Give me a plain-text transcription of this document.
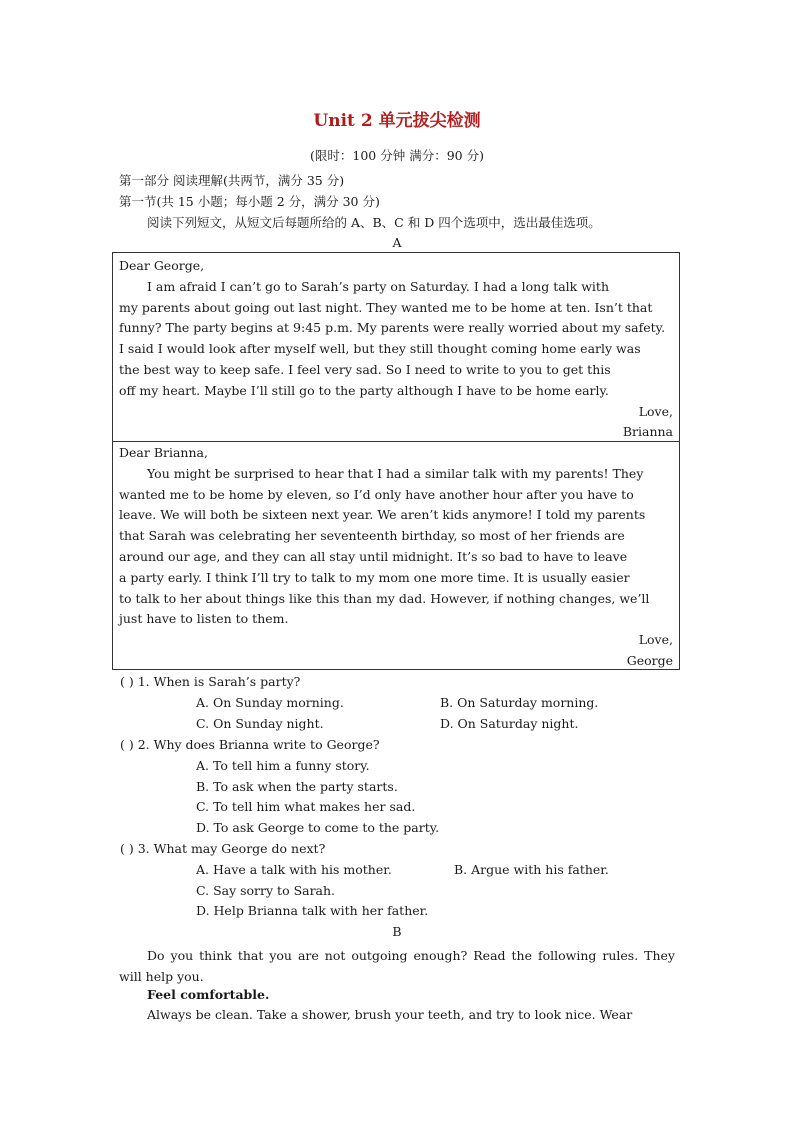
Unit 2 单元拔尖检测
(限时：100 分钟 满分：90 分)
第一部分 阅读理解(共两节，满分 35 分)
第一节(共 15 小题；每小题 2 分，满分 30 分)
阅读下列短文，从短文后每题所给的 A、B、C 和 D 四个选项中，选出最佳选项。
A

Dear George,

I am afraid I can’t go to Sarah’s party on Saturday. I had a long talk with

my parents about going out last night. They wanted me to be home at ten. Isn’t that

funny? The party begins at 9:45 p.m. My parents were really worried about my safety.

I said I would look after myself well, but they still thought coming home early was

the best way to keep safe. I feel very sad. So I need to write to you to get this

off my heart. Maybe I’ll still go to the party although I have to be home early.

Love,

Brianna

Dear Brianna,

You might be surprised to hear that I had a similar talk with my parents! They

wanted me to be home by eleven, so I’d only have another hour after you have to

leave. We will both be sixteen next year. We aren’t kids anymore! I told my parents

that Sarah was celebrating her seventeenth birthday, so most of her friends are

around our age, and they can all stay until midnight. It’s so bad to have to leave

a party early. I think I’ll try to talk to my mom one more time. It is usually easier

to talk to her about things like this than my dad. However, if nothing changes, we’ll

just have to listen to them.

Love,

George

( ) 1. When is Sarah’s party?
A. On Sunday morning.	B. On Saturday morning.
C. On Sunday night.	D. On Saturday night.
( ) 2. Why does Brianna write to George?
A. To tell him a funny story.
B. To ask when the party starts.
C. To tell him what makes her sad.
D. To ask George to come to the party.
( ) 3. What may George do next?
A. Have a talk with his mother.	B. Argue with his father.
C. Say sorry to Sarah.
D. Help Brianna talk with her father.
B
Do you think that you are not outgoing enough? Read the following rules. They will help you.
Feel comfortable.
Always be clean. Take a shower, brush your teeth, and try to look nice. Wear
